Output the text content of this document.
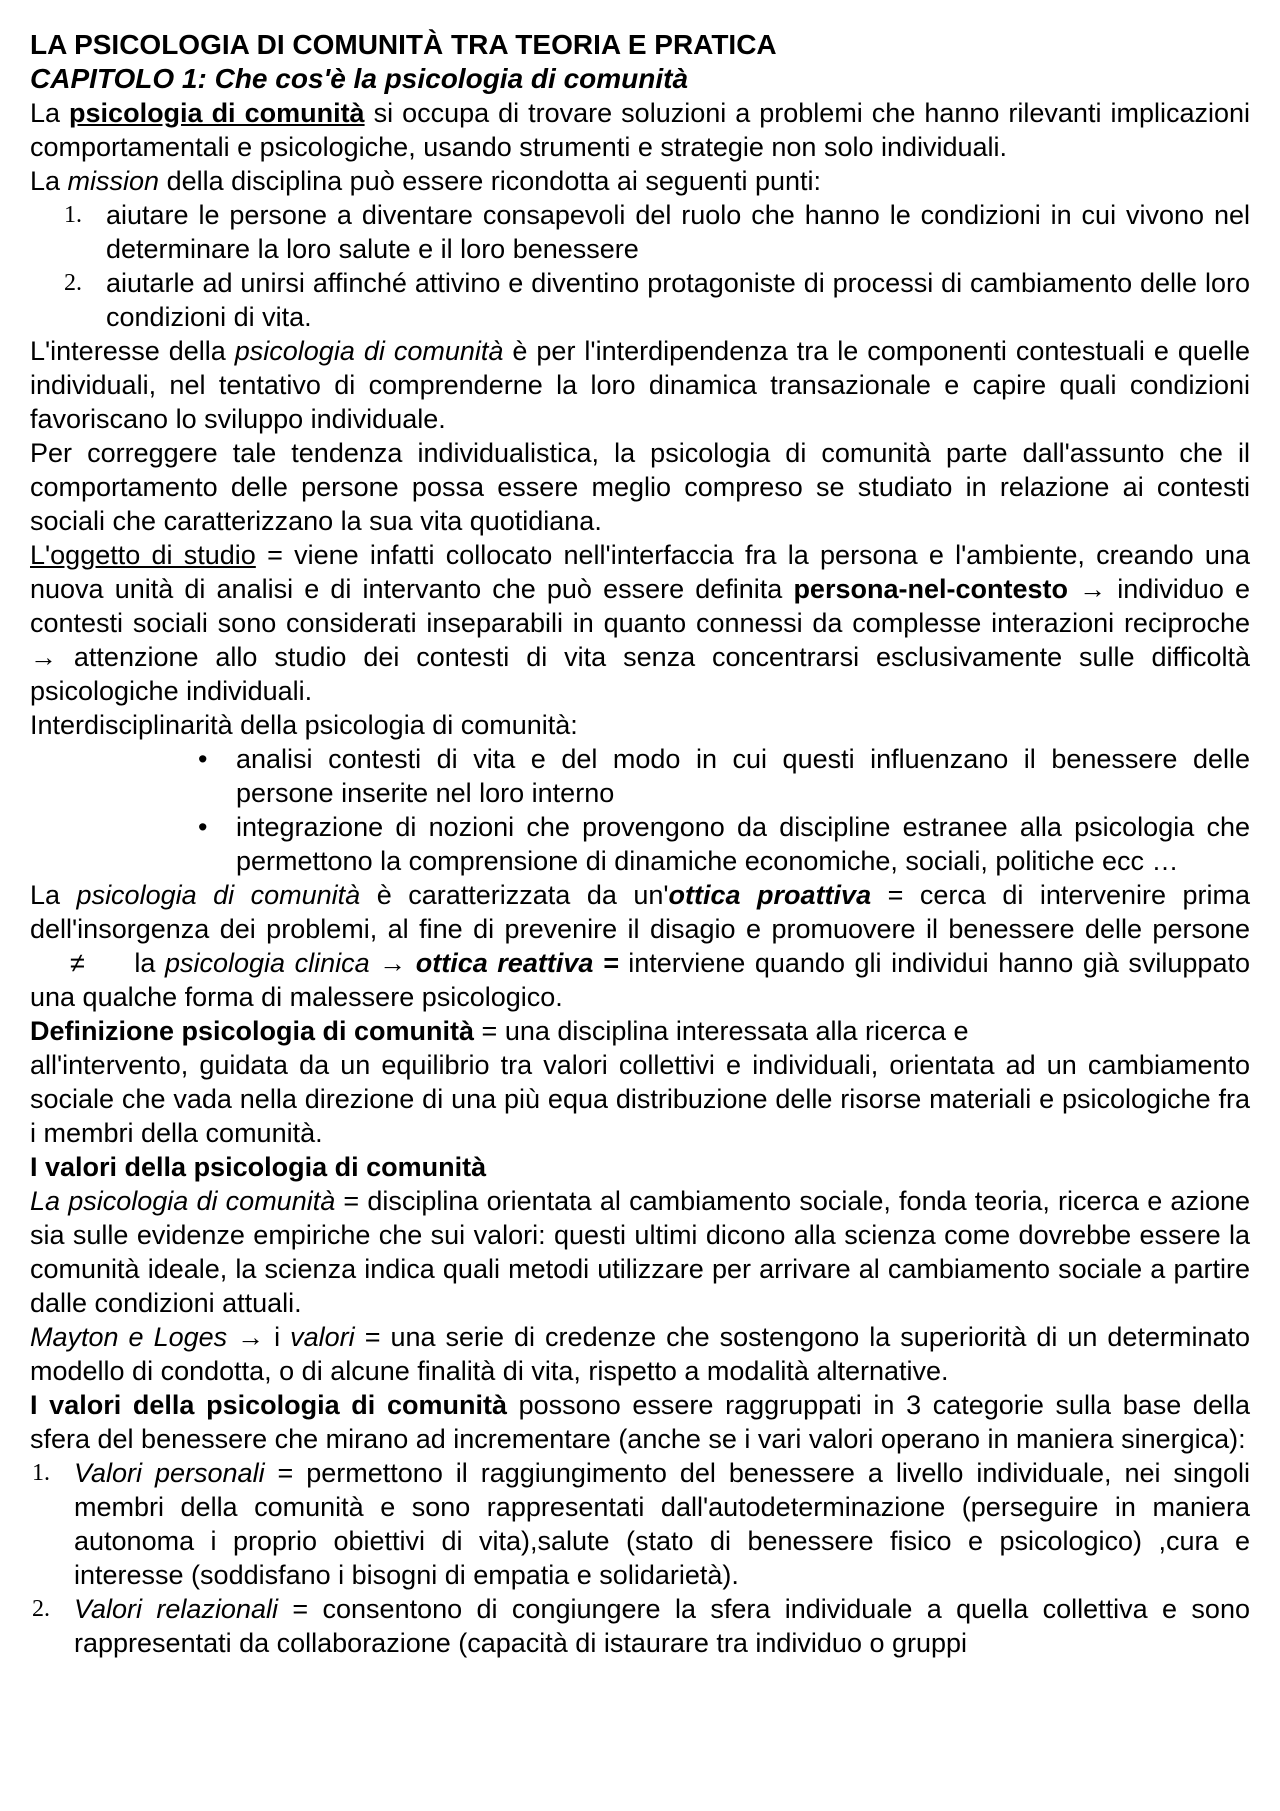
LA PSICOLOGIA DI COMUNITÀ TRA TEORIA E PRATICA
CAPITOLO 1: Che cos'è la psicologia di comunità

La psicologia di comunità si occupa di trovare soluzioni a problemi che hanno rilevanti implicazioni comportamentali e psicologiche, usando strumenti e strategie non solo individuali.

La mission della disciplina può essere ricondotta ai seguenti punti:

1. aiutare le persone a diventare consapevoli del ruolo che hanno le condizioni in cui vivono nel determinare la loro salute e il loro benessere
2. aiutarle ad unirsi affinché attivino e diventino protagoniste di processi di cambiamento delle loro condizioni di vita.

L'interesse della psicologia di comunità è per l'interdipendenza tra le componenti contestuali e quelle individuali, nel tentativo di comprenderne la loro dinamica transazionale e capire quali condizioni favoriscano lo sviluppo individuale.

Per correggere tale tendenza individualistica, la psicologia di comunità parte dall'assunto che il comportamento delle persone possa essere meglio compreso se studiato in relazione ai contesti sociali che caratterizzano la sua vita quotidiana.

L'oggetto di studio = viene infatti collocato nell'interfaccia fra la persona e l'ambiente, creando una nuova unità di analisi e di intervanto che può essere definita persona-nel-contesto → individuo e contesti sociali sono considerati inseparabili in quanto connessi da complesse interazioni reciproche → attenzione allo studio dei contesti di vita senza concentrarsi esclusivamente sulle difficoltà psicologiche individuali.

Interdisciplinarità della psicologia di comunità:

• analisi contesti di vita e del modo in cui questi influenzano il benessere delle persone inserite nel loro interno
• integrazione di nozioni che provengono da discipline estranee alla psicologia che permettono la comprensione di dinamiche economiche, sociali, politiche ecc …

La psicologia di comunità è caratterizzata da un'ottica proattiva = cerca di intervenire prima dell'insorgenza dei problemi, al fine di prevenire il disagio e promuovere il benessere delle persone ≠ la psicologia clinica → ottica reattiva = interviene quando gli individui hanno già sviluppato una qualche forma di malessere psicologico.

Definizione psicologia di comunità = una disciplina interessata alla ricerca e

all'intervento, guidata da un equilibrio tra valori collettivi e individuali, orientata ad un cambiamento sociale che vada nella direzione di una più equa distribuzione delle risorse materiali e psicologiche fra i membri della comunità.

I valori della psicologia di comunità

La psicologia di comunità = disciplina orientata al cambiamento sociale, fonda teoria, ricerca e azione sia sulle evidenze empiriche che sui valori: questi ultimi dicono alla scienza come dovrebbe essere la comunità ideale, la scienza indica quali metodi utilizzare per arrivare al cambiamento sociale a partire dalle condizioni attuali.

Mayton e Loges → i valori = una serie di credenze che sostengono la superiorità di un determinato modello di condotta, o di alcune finalità di vita, rispetto a modalità alternative.

I valori della psicologia di comunità possono essere raggruppati in 3 categorie sulla base della sfera del benessere che mirano ad incrementare (anche se i vari valori operano in maniera sinergica):

1. Valori personali = permettono il raggiungimento del benessere a livello individuale, nei singoli membri della comunità e sono rappresentati dall'autodeterminazione (perseguire in maniera autonoma i proprio obiettivi di vita),salute (stato di benessere fisico e psicologico) ,cura e interesse (soddisfano i bisogni di empatia e solidarietà).
2. Valori relazionali = consentono di congiungere la sfera individuale a quella collettiva e sono rappresentati da collaborazione (capacità di istaurare tra individuo o gruppi
